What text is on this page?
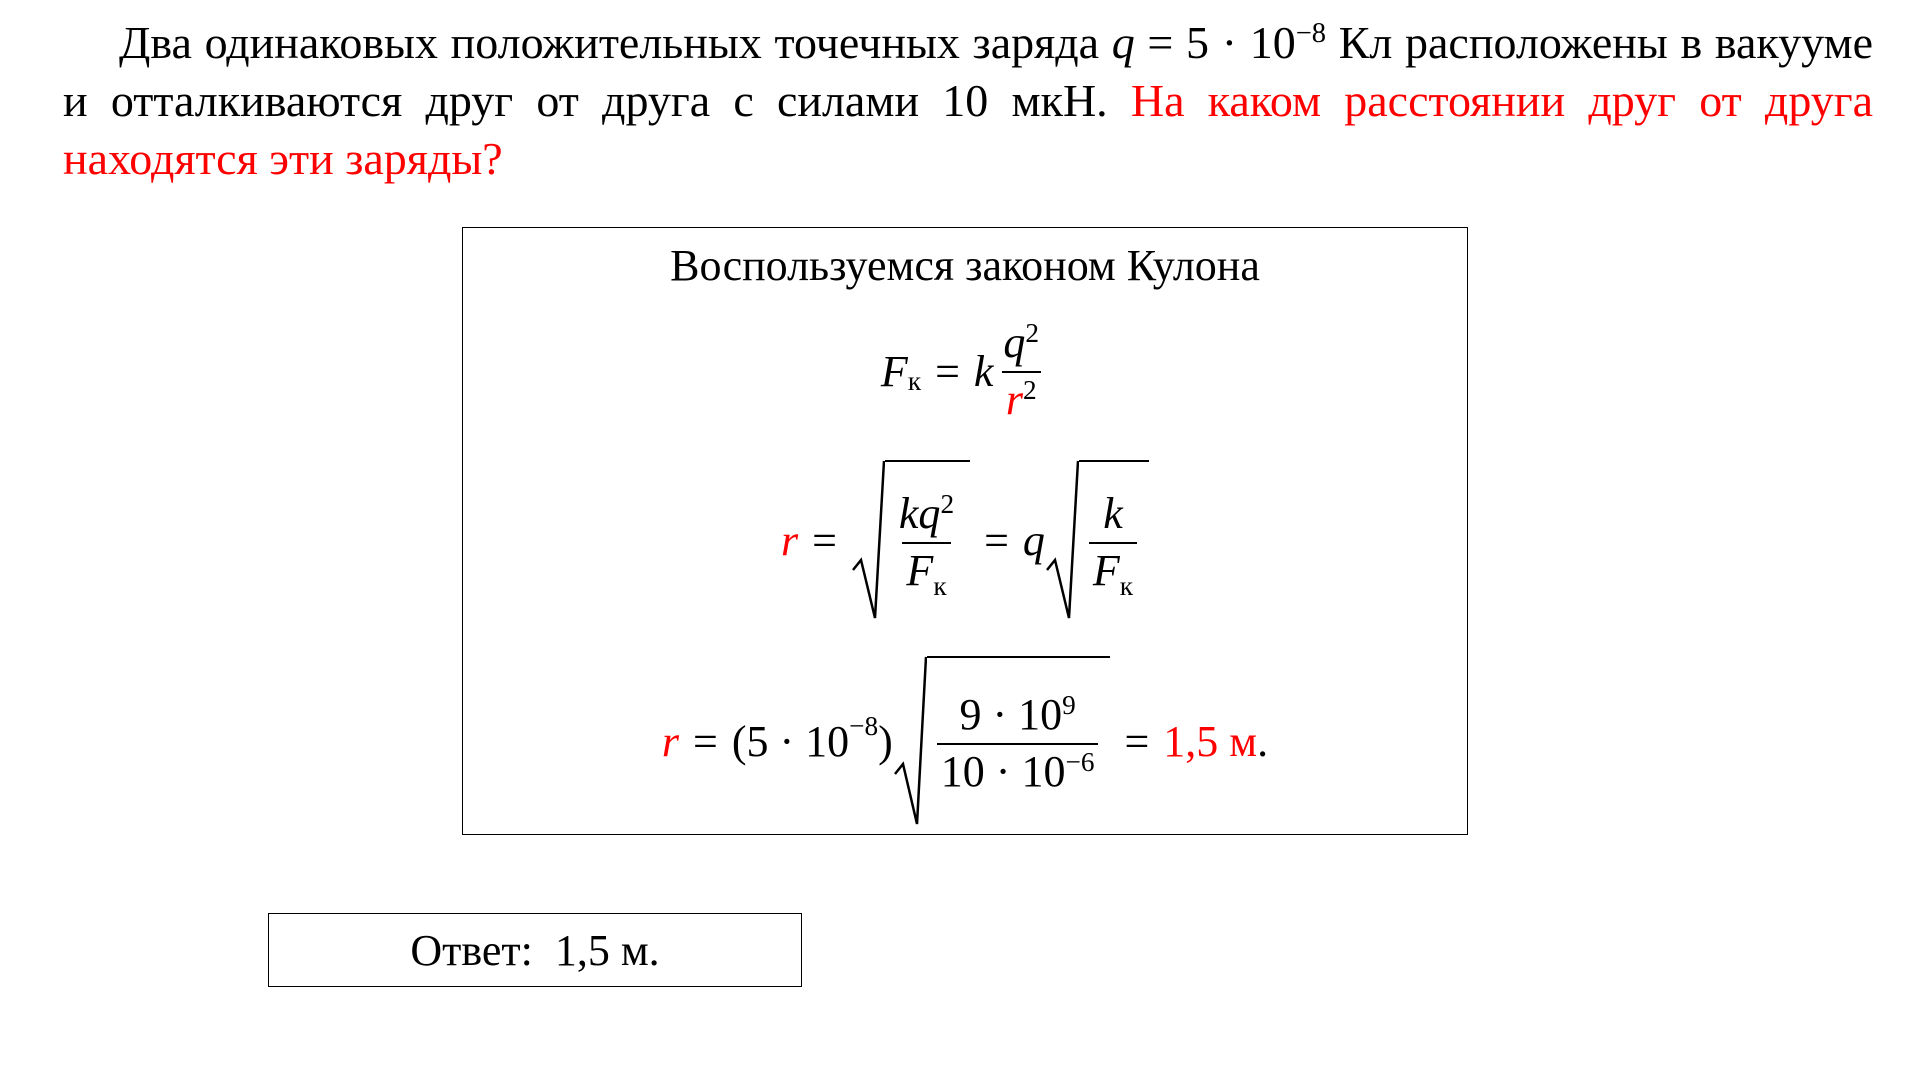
Два одинаковых положительных точечных заряда $q = 5 \cdot 10^{-8}$ Кл расположены в вакууме и отталкиваются друг от друга с силами 10 мкН. На каком расстоянии друг от друга находятся эти заряды?

Воспользуемся законом Кулона
$F_к = k \frac{q^2}{r^2}$
$r = \frac{kq^2}{F_к} = q \frac{k}{F_к}$
$r = (5 \cdot 10^{-8}$ ) $\frac{9 \cdot 10^9}{10 \cdot 10^{-6}} = 1,5$ м .
Ответ:
1,5 м.
